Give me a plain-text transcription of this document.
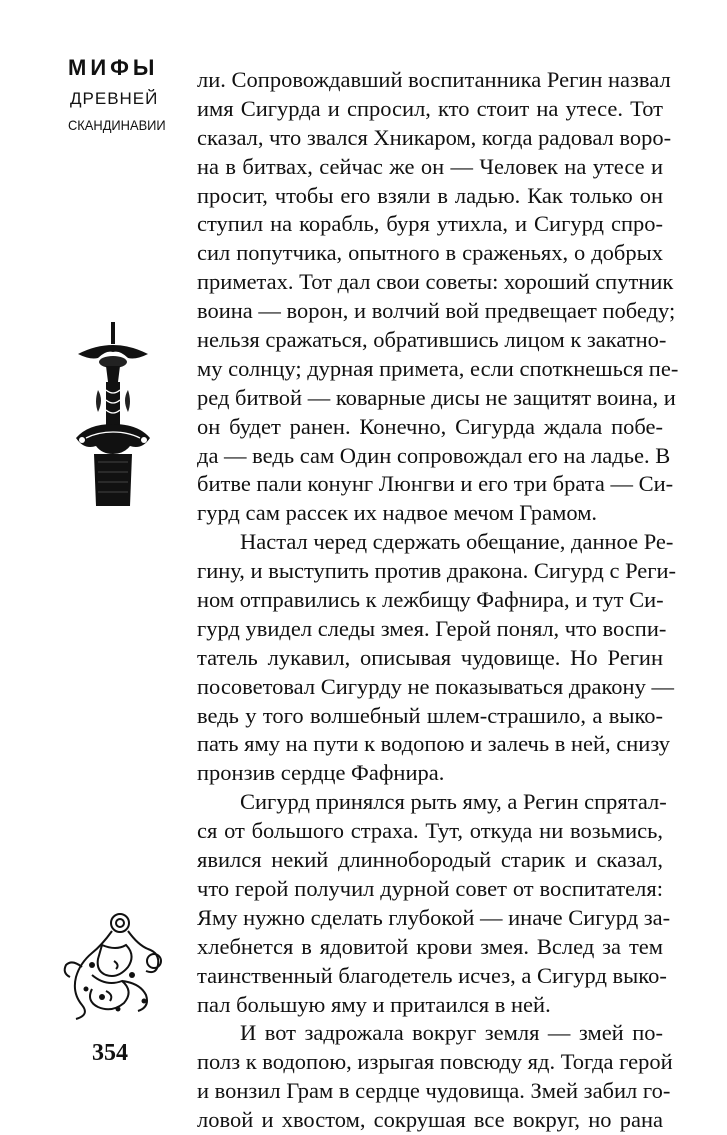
МИФЫ
ДРЕВНЕЙ
СКАНДИНАВИИ
354
ли. Сопровождавший воспитанника Регин назвал
имя Сигурда и спросил, кто стоит на утесе. Тот
сказал, что звался Хникаром, когда радовал воро-
на в битвах, сейчас же он — Человек на утесе и
просит, чтобы его взяли в ладью. Как только он
ступил на корабль, буря утихла, и Сигурд спро-
сил попутчика, опытного в сраженьях, о добрых
приметах. Тот дал свои советы: хороший спутник
воина — ворон, и волчий вой предвещает победу;
нельзя сражаться, обратившись лицом к закатно-
му солнцу; дурная примета, если споткнешься пе-
ред битвой — коварные дисы не защитят воина, и
он будет ранен. Конечно, Сигурда ждала побе-
да — ведь сам Один сопровождал его на ладье. В
битве пали конунг Люнгви и его три брата — Си-
гурд сам рассек их надвое мечом Грамом.
Настал черед сдержать обещание, данное Ре-
гину, и выступить против дракона. Сигурд с Реги-
ном отправились к лежбищу Фафнира, и тут Си-
гурд увидел следы змея. Герой понял, что воспи-
татель лукавил, описывая чудовище. Но Регин
посоветовал Сигурду не показываться дракону —
ведь у того волшебный шлем-страшило, а выко-
пать яму на пути к водопою и залечь в ней, снизу
пронзив сердце Фафнира.
Сигурд принялся рыть яму, а Регин спрятал-
ся от большого страха. Тут, откуда ни возьмись,
явился некий длиннобородый старик и сказал,
что герой получил дурной совет от воспитателя:
Яму нужно сделать глубокой — иначе Сигурд за-
хлебнется в ядовитой крови змея. Вслед за тем
таинственный благодетель исчез, а Сигурд выко-
пал большую яму и притаился в ней.
И вот задрожала вокруг земля — змей по-
полз к водопою, изрыгая повсюду яд. Тогда герой
и вонзил Грам в сердце чудовища. Змей забил го-
ловой и хвостом, сокрушая все вокруг, но рана
